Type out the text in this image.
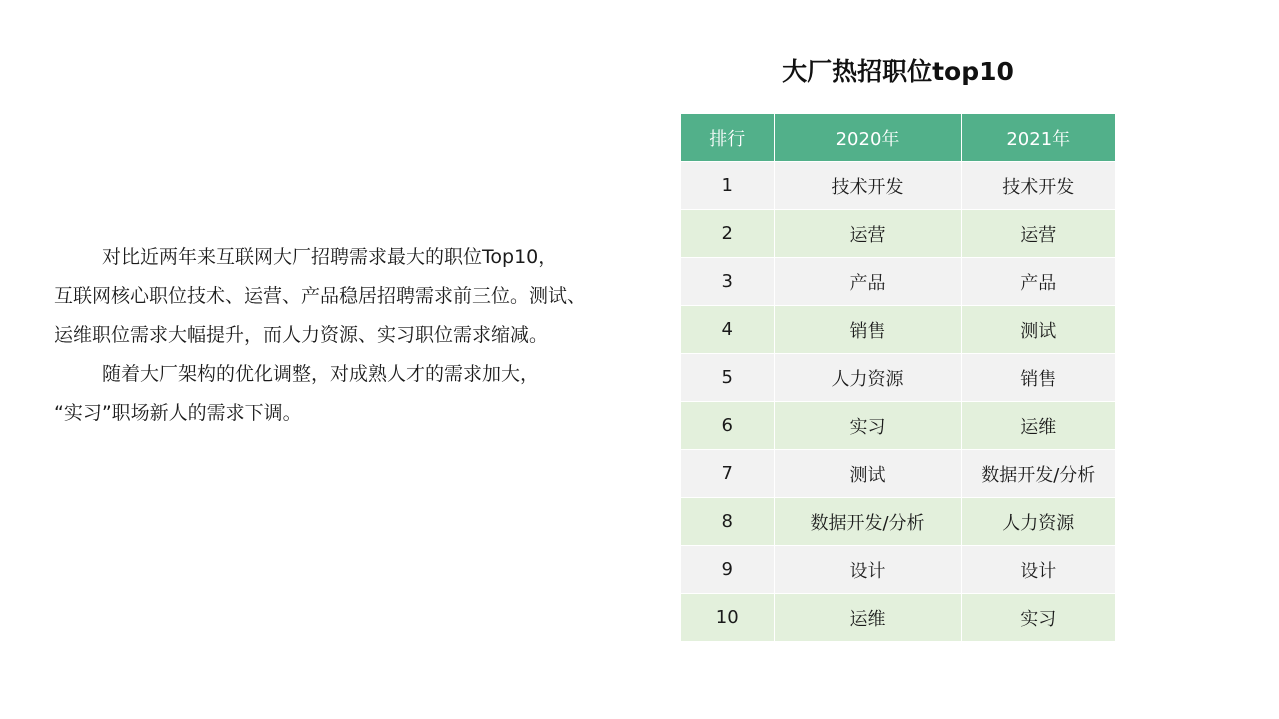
对比近两年来互联网大厂招聘需求最大的职位Top10，

互联网核心职位技术、运营、产品稳居招聘需求前三位。测试、

运维职位需求大幅提升，而人力资源、实习职位需求缩减。

随着大厂架构的优化调整，对成熟人才的需求加大，

“实习”职场新人的需求下调。

大厂热招职位top10
排行	2020年	2021年
1	技术开发	技术开发
2	运营	运营
3	产品	产品
4	销售	测试
5	人力资源	销售
6	实习	运维
7	测试	数据开发/分析
8	数据开发/分析	人力资源
9	设计	设计
10	运维	实习
